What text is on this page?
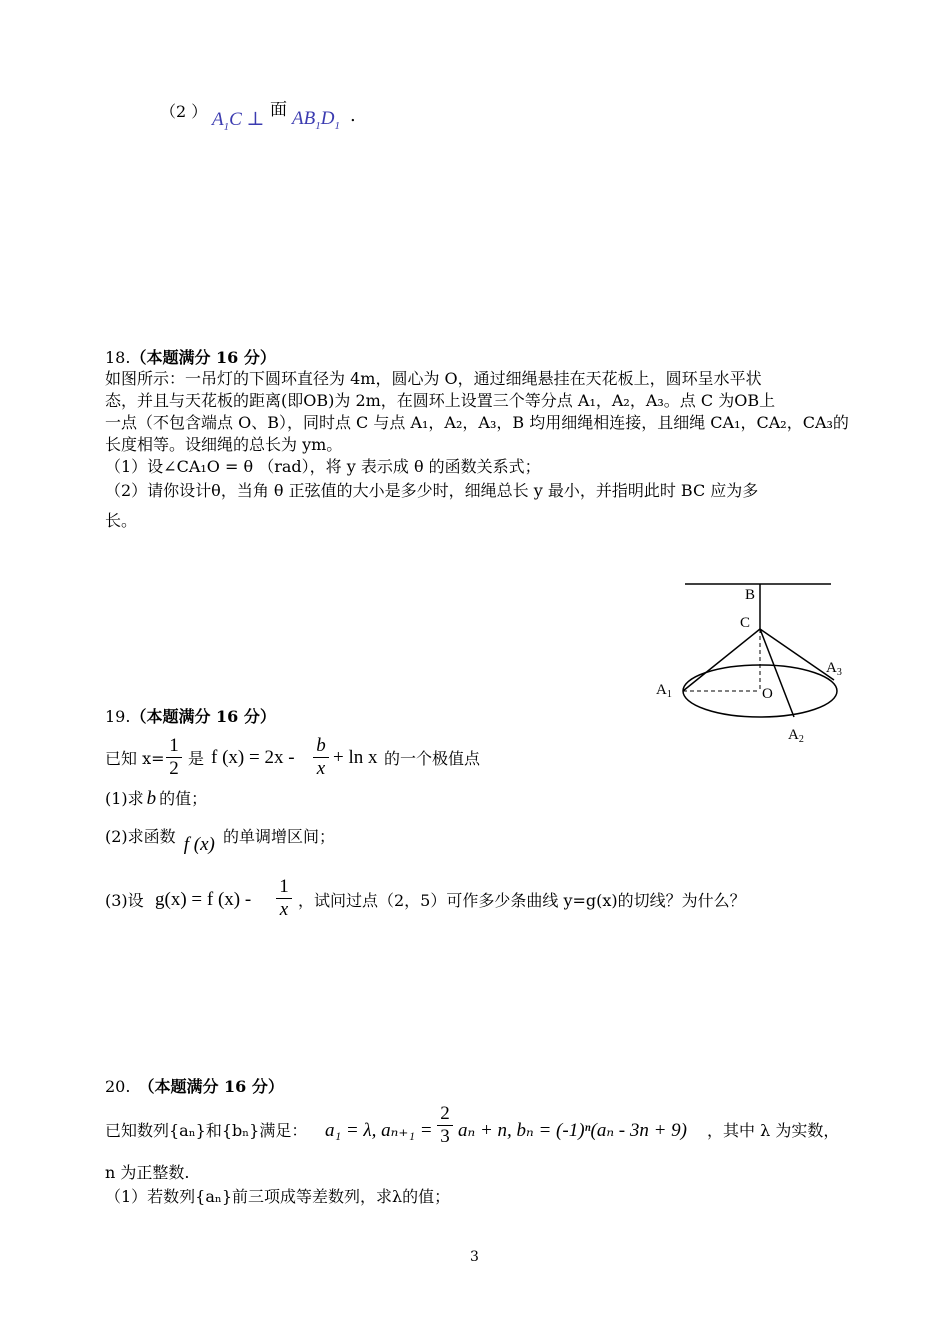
（2 ） $A_1C$ ⊥ 面 $AB_1D_1$ .
18.（本题满分 16 分）
如图所示：一吊灯的下圆环直径为 4m，圆心为 O，通过细绳悬挂在天花板上，圆环呈水平状
态，并且与天花板的距离(即OB)为 2m，在圆环上设置三个等分点 A₁，A₂，A₃。点 C 为OB上
一点（不包含端点 O、B），同时点 C 与点 A₁，A₂，A₃，B 均用细绳相连接，且细绳 CA₁，CA₂，CA₃的
长度相等。设细绳的总长为 ym。
（1）设∠CA₁O = θ （rad），将 y 表示成 θ 的函数关系式；
（2）请你设计θ，当角 θ 正弦值的大小是多少时，细绳总长 y 最小，并指明此时 BC 应为多
长。
B
C
$A_1$	O
$A_3$
$A_2$
19.（本题满分 16 分）
已知 $x= \frac{1}{2}$ 是 f $(x) = 2x - \frac{b}{x} + \ln x$ 的一个极值点
(1)求 b 的值；
(2)求函数 f (x) 的单调增区间；
(3)设 g(x) = f $(x) - \frac{1}{x}$ ，试问过点（2，5）可作多少条曲线 y=g(x)的切线？为什么？
20. （本题满分 16 分）
已知数列{aₙ}和{bₙ}满足： a₁ = λ, $a_{n+1} = \frac{2}{3}$ aₙ + n, bₙ = (-1)ⁿ(aₙ - 3n + 9) ，其中 λ 为实数，
n 为正整数.
（1）若数列{aₙ}前三项成等差数列，求λ的值；
3
